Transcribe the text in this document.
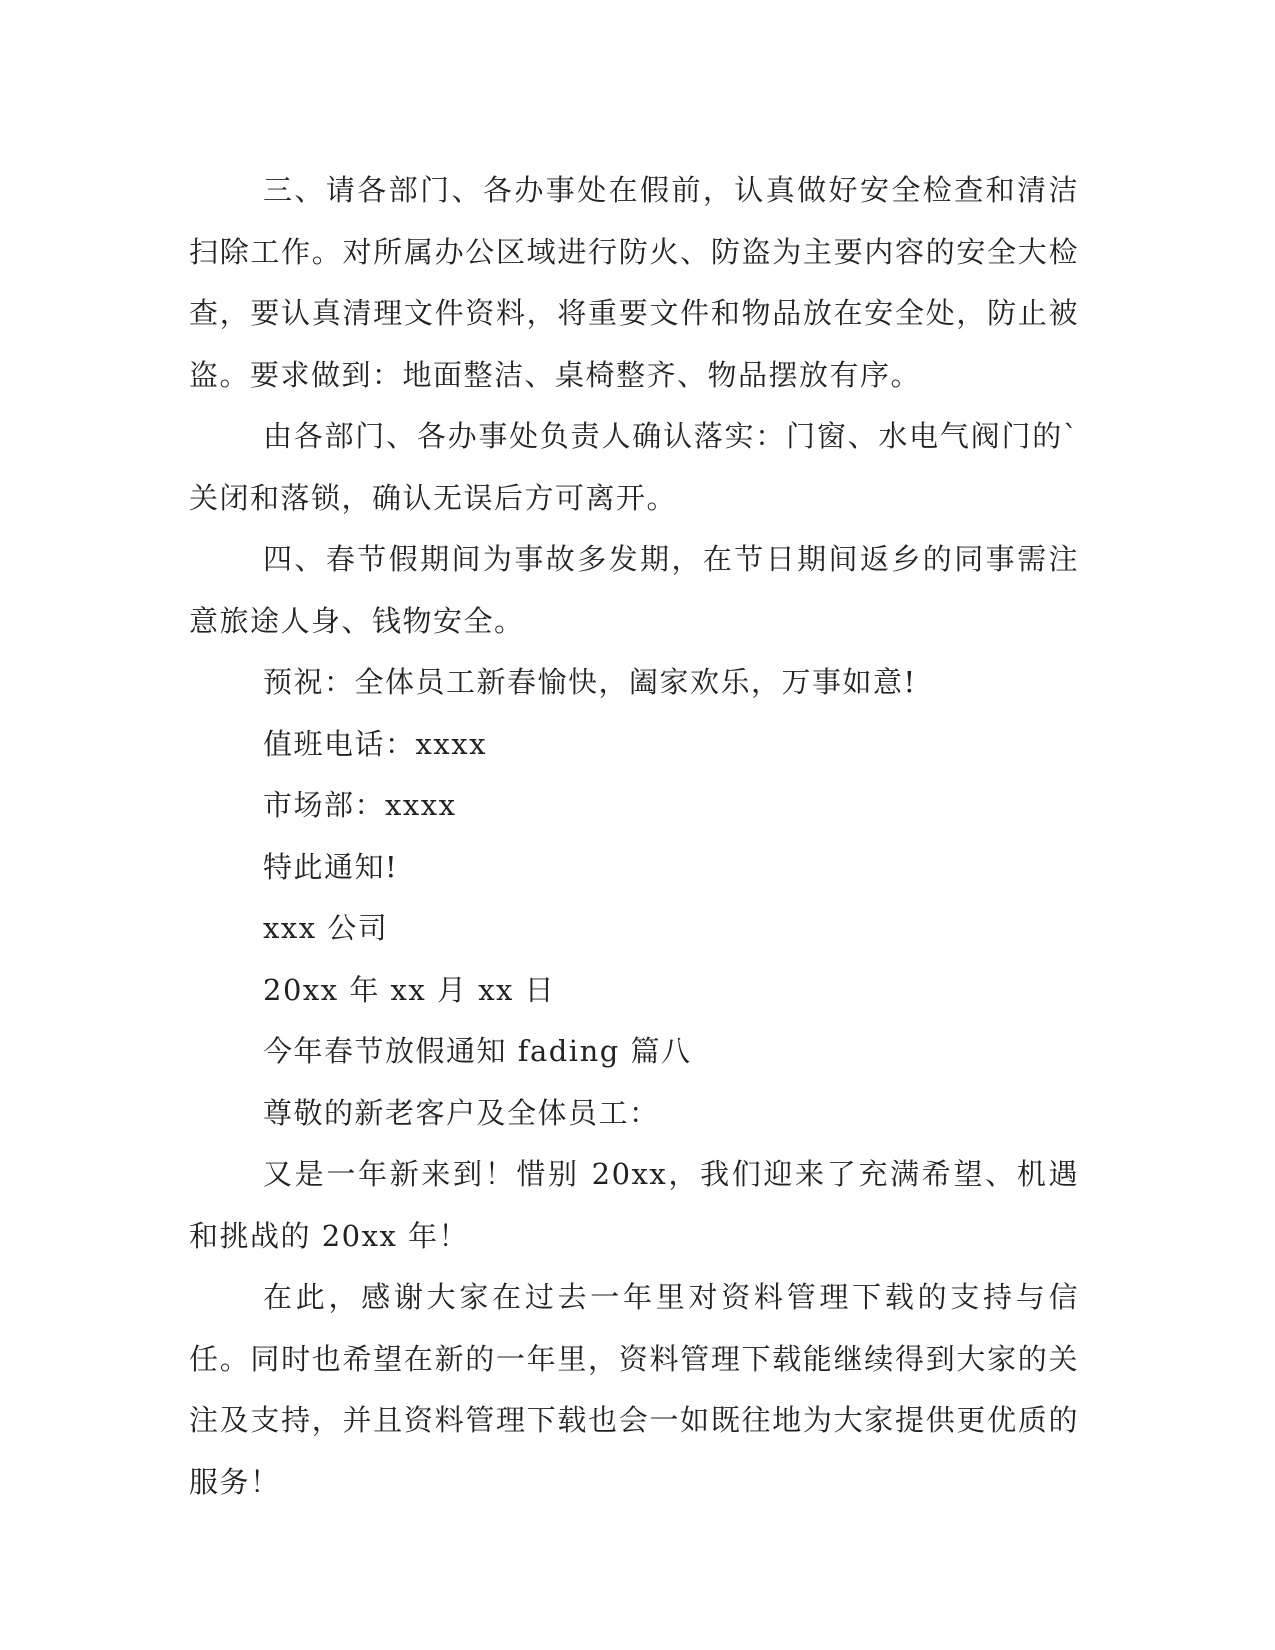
三、请各部门、各办事处在假前，认真做好安全检查和清洁扫除工作。对所属办公区域进行防火、防盗为主要内容的安全大检查，要认真清理文件资料，将重要文件和物品放在安全处，防止被盗。要求做到：地面整洁、桌椅整齐、物品摆放有序。

由各部门、各办事处负责人确认落实：门窗、水电气阀门的`关闭和落锁，确认无误后方可离开。

四、春节假期间为事故多发期，在节日期间返乡的同事需注意旅途人身、钱物安全。

预祝：全体员工新春愉快，阖家欢乐，万事如意!

值班电话：xxxx

市场部：xxxx

特此通知!

xxx 公司

20xx 年 xx 月 xx 日

今年春节放假通知 fading 篇八

尊敬的新老客户及全体员工：

又是一年新来到！惜别 20xx，我们迎来了充满希望、机遇和挑战的 20xx 年！

在此，感谢大家在过去一年里对资料管理下载的支持与信任。同时也希望在新的一年里，资料管理下载能继续得到大家的关注及支持，并且资料管理下载也会一如既往地为大家提供更优质的服务！
